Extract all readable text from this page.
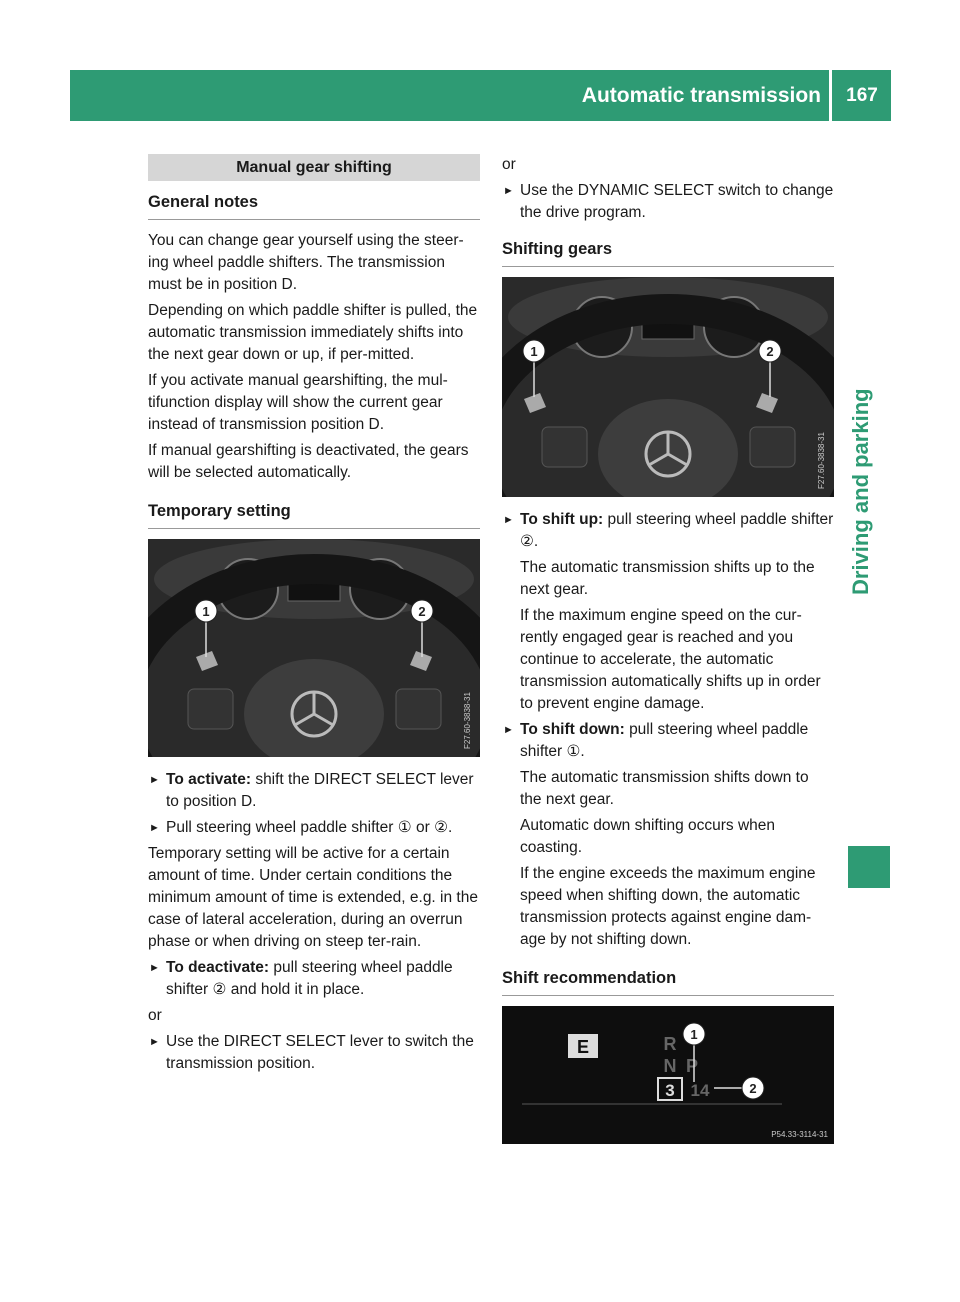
Automatic transmission	167
Driving and parking
Manual gear shifting
General notes

You can change gear yourself using the steer-ing wheel paddle shifters. The transmission must be in position D.

Depending on which paddle shifter is pulled, the automatic transmission immediately shifts into the next gear down or up, if per-mitted.

If you activate manual gearshifting, the mul-tifunction display will show the current gear instead of transmission position D.

If manual gearshifting is deactivated, the gears will be selected automatically.

Temporary setting
1	2
F27.60-3838-31
► To activate: shift the DIRECT SELECT lever to position D.
► Pull steering wheel paddle shifter ① or ②.

Temporary setting will be active for a certain amount of time. Under certain conditions the minimum amount of time is extended, e.g. in the case of lateral acceleration, during an overrun phase or when driving on steep ter-rain.

► To deactivate: pull steering wheel paddle shifter ② and hold it in place.

or

► Use the DIRECT SELECT lever to switch the transmission position.

or

► Use the DYNAMIC SELECT switch to change the drive program.
Shifting gears
1	2
F27.60-3838-31
► To shift up: pull steering wheel paddle shifter ②.

The automatic transmission shifts up to the next gear.

If the maximum engine speed on the cur-rently engaged gear is reached and you continue to accelerate, the automatic transmission automatically shifts up in order to prevent engine damage.

► To shift down: pull steering wheel paddle shifter ①.

The automatic transmission shifts down to the next gear.

Automatic down shifting occurs when coasting.

If the engine exceeds the maximum engine speed when shifting down, the automatic transmission protects against engine dam-age by not shifting down.

Shift recommendation
E	R
N P
3 14
1
2
P54.33-3114-31
